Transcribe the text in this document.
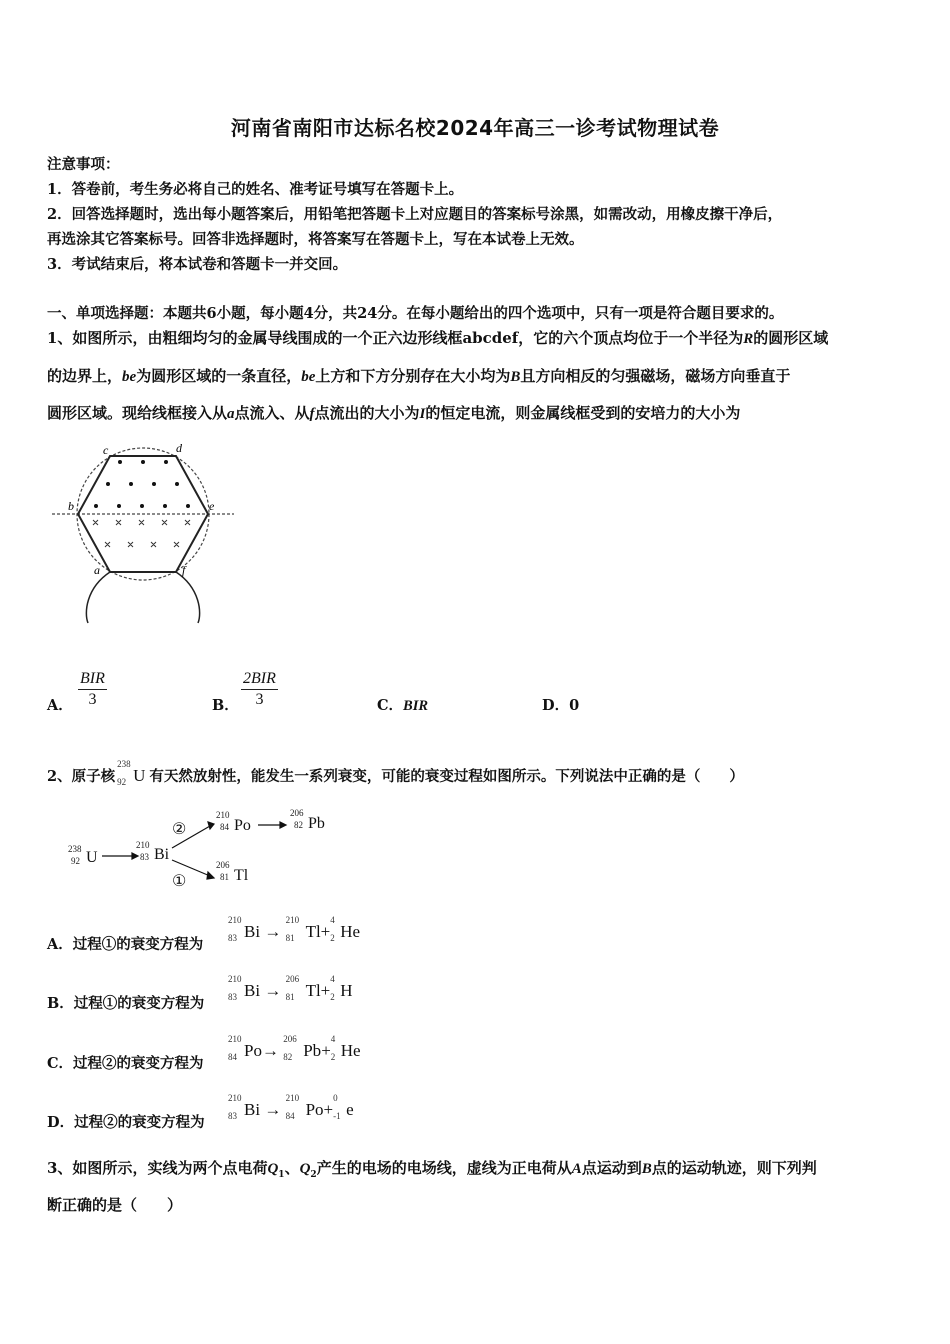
河南省南阳市达标名校2024年高三一诊考试物理试卷
注意事项：
1．答卷前，考生务必将自己的姓名、准考证号填写在答题卡上。
2．回答选择题时，选出每小题答案后，用铅笔把答题卡上对应题目的答案标号涂黑，如需改动，用橡皮擦干净后，
再选涂其它答案标号。回答非选择题时，将答案写在答题卡上，写在本试卷上无效。
3．考试结束后，将本试卷和答题卡一并交回。
一、单项选择题：本题共6小题，每小题4分，共24分。在每小题给出的四个选项中，只有一项是符合题目要求的。
1、如图所示，由粗细均匀的金属导线围成的一个正六边形线框abcdef，它的六个顶点均位于一个半径为R的圆形区域
的边界上，be为圆形区域的一条直径，be上方和下方分别存在大小均为B且方向相反的匀强磁场，磁场方向垂直于
圆形区域。现给线框接入从a点流入、从f点流出的大小为I的恒定电流，则金属线框受到的安培力的大小为
c	d
b	e
a	f
A．
BIR
3	B．
2BIR
3	C．BIR	D．0
2、原子核
238
92 U 有天然放射性，能发生一系列衰变，可能的衰变过程如图所示。下列说法中正确的是（　　）
238
92
210
83
210
84
206
82
206
81
U	Bi
Po	Pb
Tl
②
①
A．过程①的衰变方程为
210
83 Bi →
210
81 Tl+
4
2 He
B．过程①的衰变方程为
210
83 Bi →
206
81 Tl+
4
2 H
C．过程②的衰变方程为
210
84 Po→
206
82 Pb+
4
2 He
D．过程②的衰变方程为
210
83 Bi →
210
84 Po+
0
-1 e
3、如图所示，实线为两个点电荷$Q_1$、$Q_2$产生的电场的电场线，虚线为正电荷从A点运动到B点的运动轨迹，则下列判
断正确的是（　　）
